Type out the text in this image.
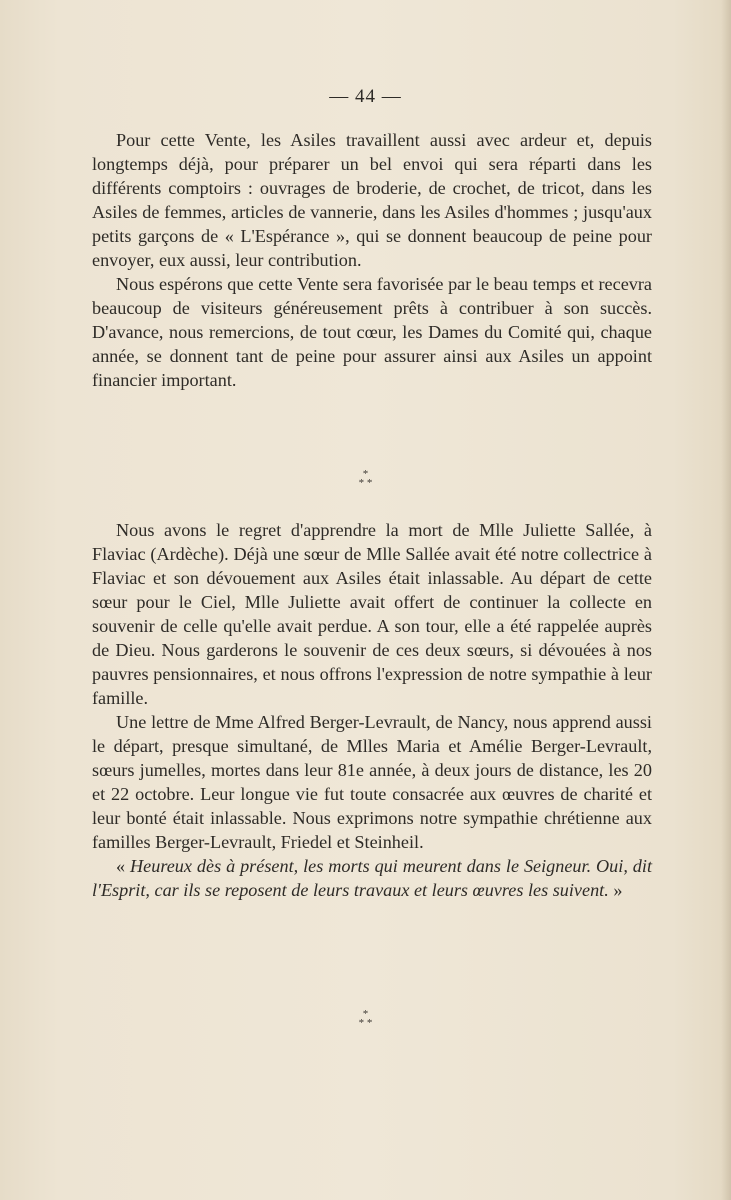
— 44 —

Pour cette Vente, les Asiles travaillent aussi avec ardeur et, depuis longtemps déjà, pour préparer un bel envoi qui sera réparti dans les différents comptoirs : ouvrages de broderie, de crochet, de tricot, dans les Asiles de femmes, articles de vannerie, dans les Asiles d'hommes ; jusqu'aux petits garçons de « L'Espérance », qui se donnent beaucoup de peine pour envoyer, eux aussi, leur contribution.

Nous espérons que cette Vente sera favorisée par le beau temps et recevra beaucoup de visiteurs généreusement prêts à contribuer à son succès. D'avance, nous remercions, de tout cœur, les Dames du Comité qui, chaque année, se donnent tant de peine pour assurer ainsi aux Asiles un appoint financier important.

*
* *

Nous avons le regret d'apprendre la mort de Mlle Juliette Sallée, à Flaviac (Ardèche). Déjà une sœur de Mlle Sallée avait été notre collectrice à Flaviac et son dévouement aux Asiles était inlassable. Au départ de cette sœur pour le Ciel, Mlle Juliette avait offert de continuer la collecte en souvenir de celle qu'elle avait perdue. A son tour, elle a été rappelée auprès de Dieu. Nous garderons le souvenir de ces deux sœurs, si dévouées à nos pauvres pensionnaires, et nous offrons l'expression de notre sympathie à leur famille.

Une lettre de Mme Alfred Berger-Levrault, de Nancy, nous apprend aussi le départ, presque simultané, de Mlles Maria et Amélie Berger-Levrault, sœurs jumelles, mortes dans leur 81e année, à deux jours de distance, les 20 et 22 octobre. Leur longue vie fut toute consacrée aux œuvres de charité et leur bonté était inlassable. Nous exprimons notre sympathie chrétienne aux familles Berger-Levrault, Friedel et Steinheil.

« Heureux dès à présent, les morts qui meurent dans le Seigneur. Oui, dit l'Esprit, car ils se reposent de leurs travaux et leurs œuvres les suivent. »

*
* *
